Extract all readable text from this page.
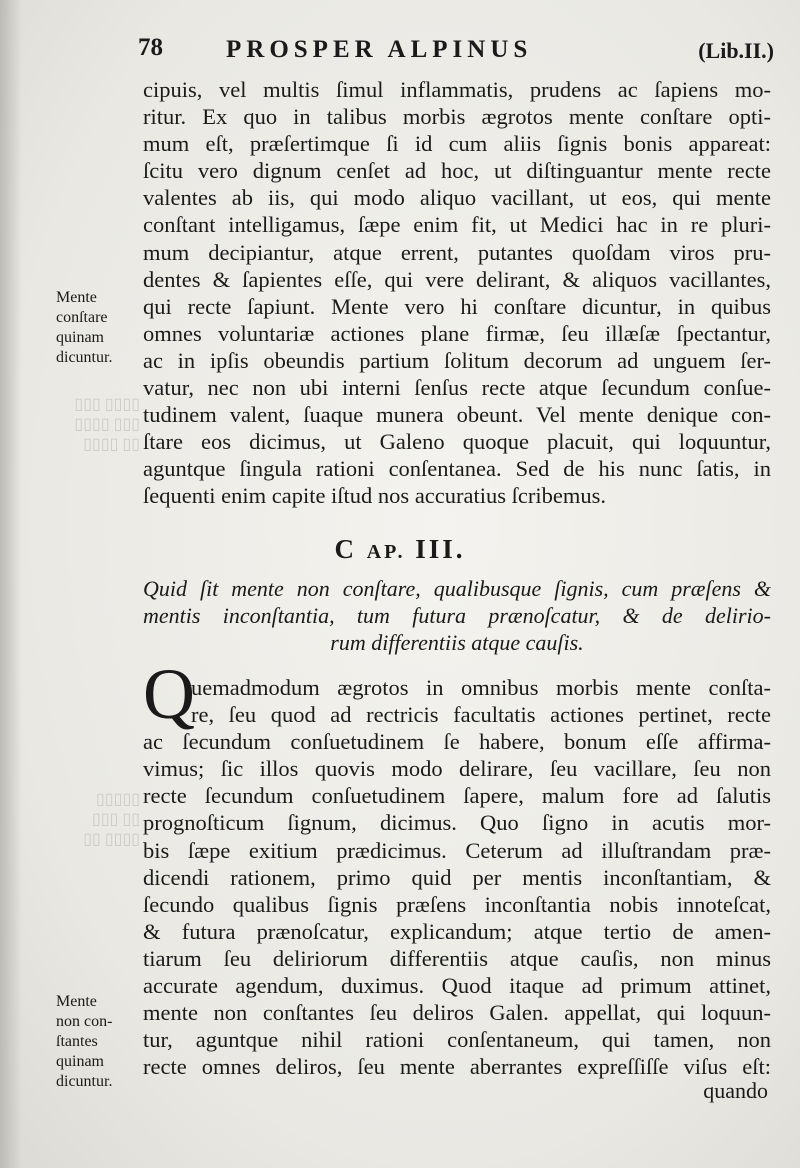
▯▯▯▯ ▯▯▯
▯▯▯ ▯▯▯▯
▯▯ ▯▯▯▯
▯▯▯▯▯
▯▯ ▯▯▯
▯▯▯▯ ▯▯
78	PROSPER ALPINUS	(Lib.II.)
cipuis, vel multis ſimul inflammatis, prudens ac ſapiens mo-
ritur. Ex quo in talibus morbis ægrotos mente conſtare opti-
mum eſt, præſertimque ſi id cum aliis ſignis bonis appareat:
ſcitu vero dignum cenſet ad hoc, ut diſtinguantur mente recte
valentes ab iis, qui modo aliquo vacillant, ut eos, qui mente
conſtant intelligamus, ſæpe enim fit, ut Medici hac in re pluri-
mum decipiantur, atque errent, putantes quoſdam viros pru-
dentes & ſapientes eſſe, qui vere delirant, & aliquos vacillantes,
qui recte ſapiunt. Mente vero hi conſtare dicuntur, in quibus
omnes voluntariæ actiones plane firmæ, ſeu illæſæ ſpectantur,
ac in ipſis obeundis partium ſolitum decorum ad unguem ſer-
vatur, nec non ubi interni ſenſus recte atque ſecundum conſue-
tudinem valent, ſuaque munera obeunt. Vel mente denique con-
ſtare eos dicimus, ut Galeno quoque placuit, qui loquuntur,
aguntque ſingula rationi conſentanea. Sed de his nunc ſatis, in
ſequenti enim capite iſtud nos accuratius ſcribemus.
Mente
conſtare
quinam
dicuntur.
C AP. III.
Quid ſit mente non conſtare, qualibusque ſignis, cum præſens &
mentis inconſtantia, tum futura prænoſcatur, & de delirio-
rum differentiis atque cauſis.
Q
uemadmodum ægrotos in omnibus morbis mente conſta-
re, ſeu quod ad rectricis facultatis actiones pertinet, recte
ac ſecundum conſuetudinem ſe habere, bonum eſſe affirma-
vimus; ſic illos quovis modo delirare, ſeu vacillare, ſeu non
recte ſecundum conſuetudinem ſapere, malum fore ad ſalutis
prognoſticum ſignum, dicimus. Quo ſigno in acutis mor-
bis ſæpe exitium prædicimus. Ceterum ad illuſtrandam præ-
dicendi rationem, primo quid per mentis inconſtantiam, &
ſecundo qualibus ſignis præſens inconſtantia nobis innoteſcat,
& futura prænoſcatur, explicandum; atque tertio de amen-
tiarum ſeu deliriorum differentiis atque cauſis, non minus
accurate agendum, duximus. Quod itaque ad primum attinet,
mente non conſtantes ſeu deliros Galen. appellat, qui loquun-
tur, aguntque nihil rationi conſentaneum, qui tamen, non
recte omnes deliros, ſeu mente aberrantes expreſſiſſe viſus eſt:
quando
Mente
non con-
ſtantes
quinam
dicuntur.
